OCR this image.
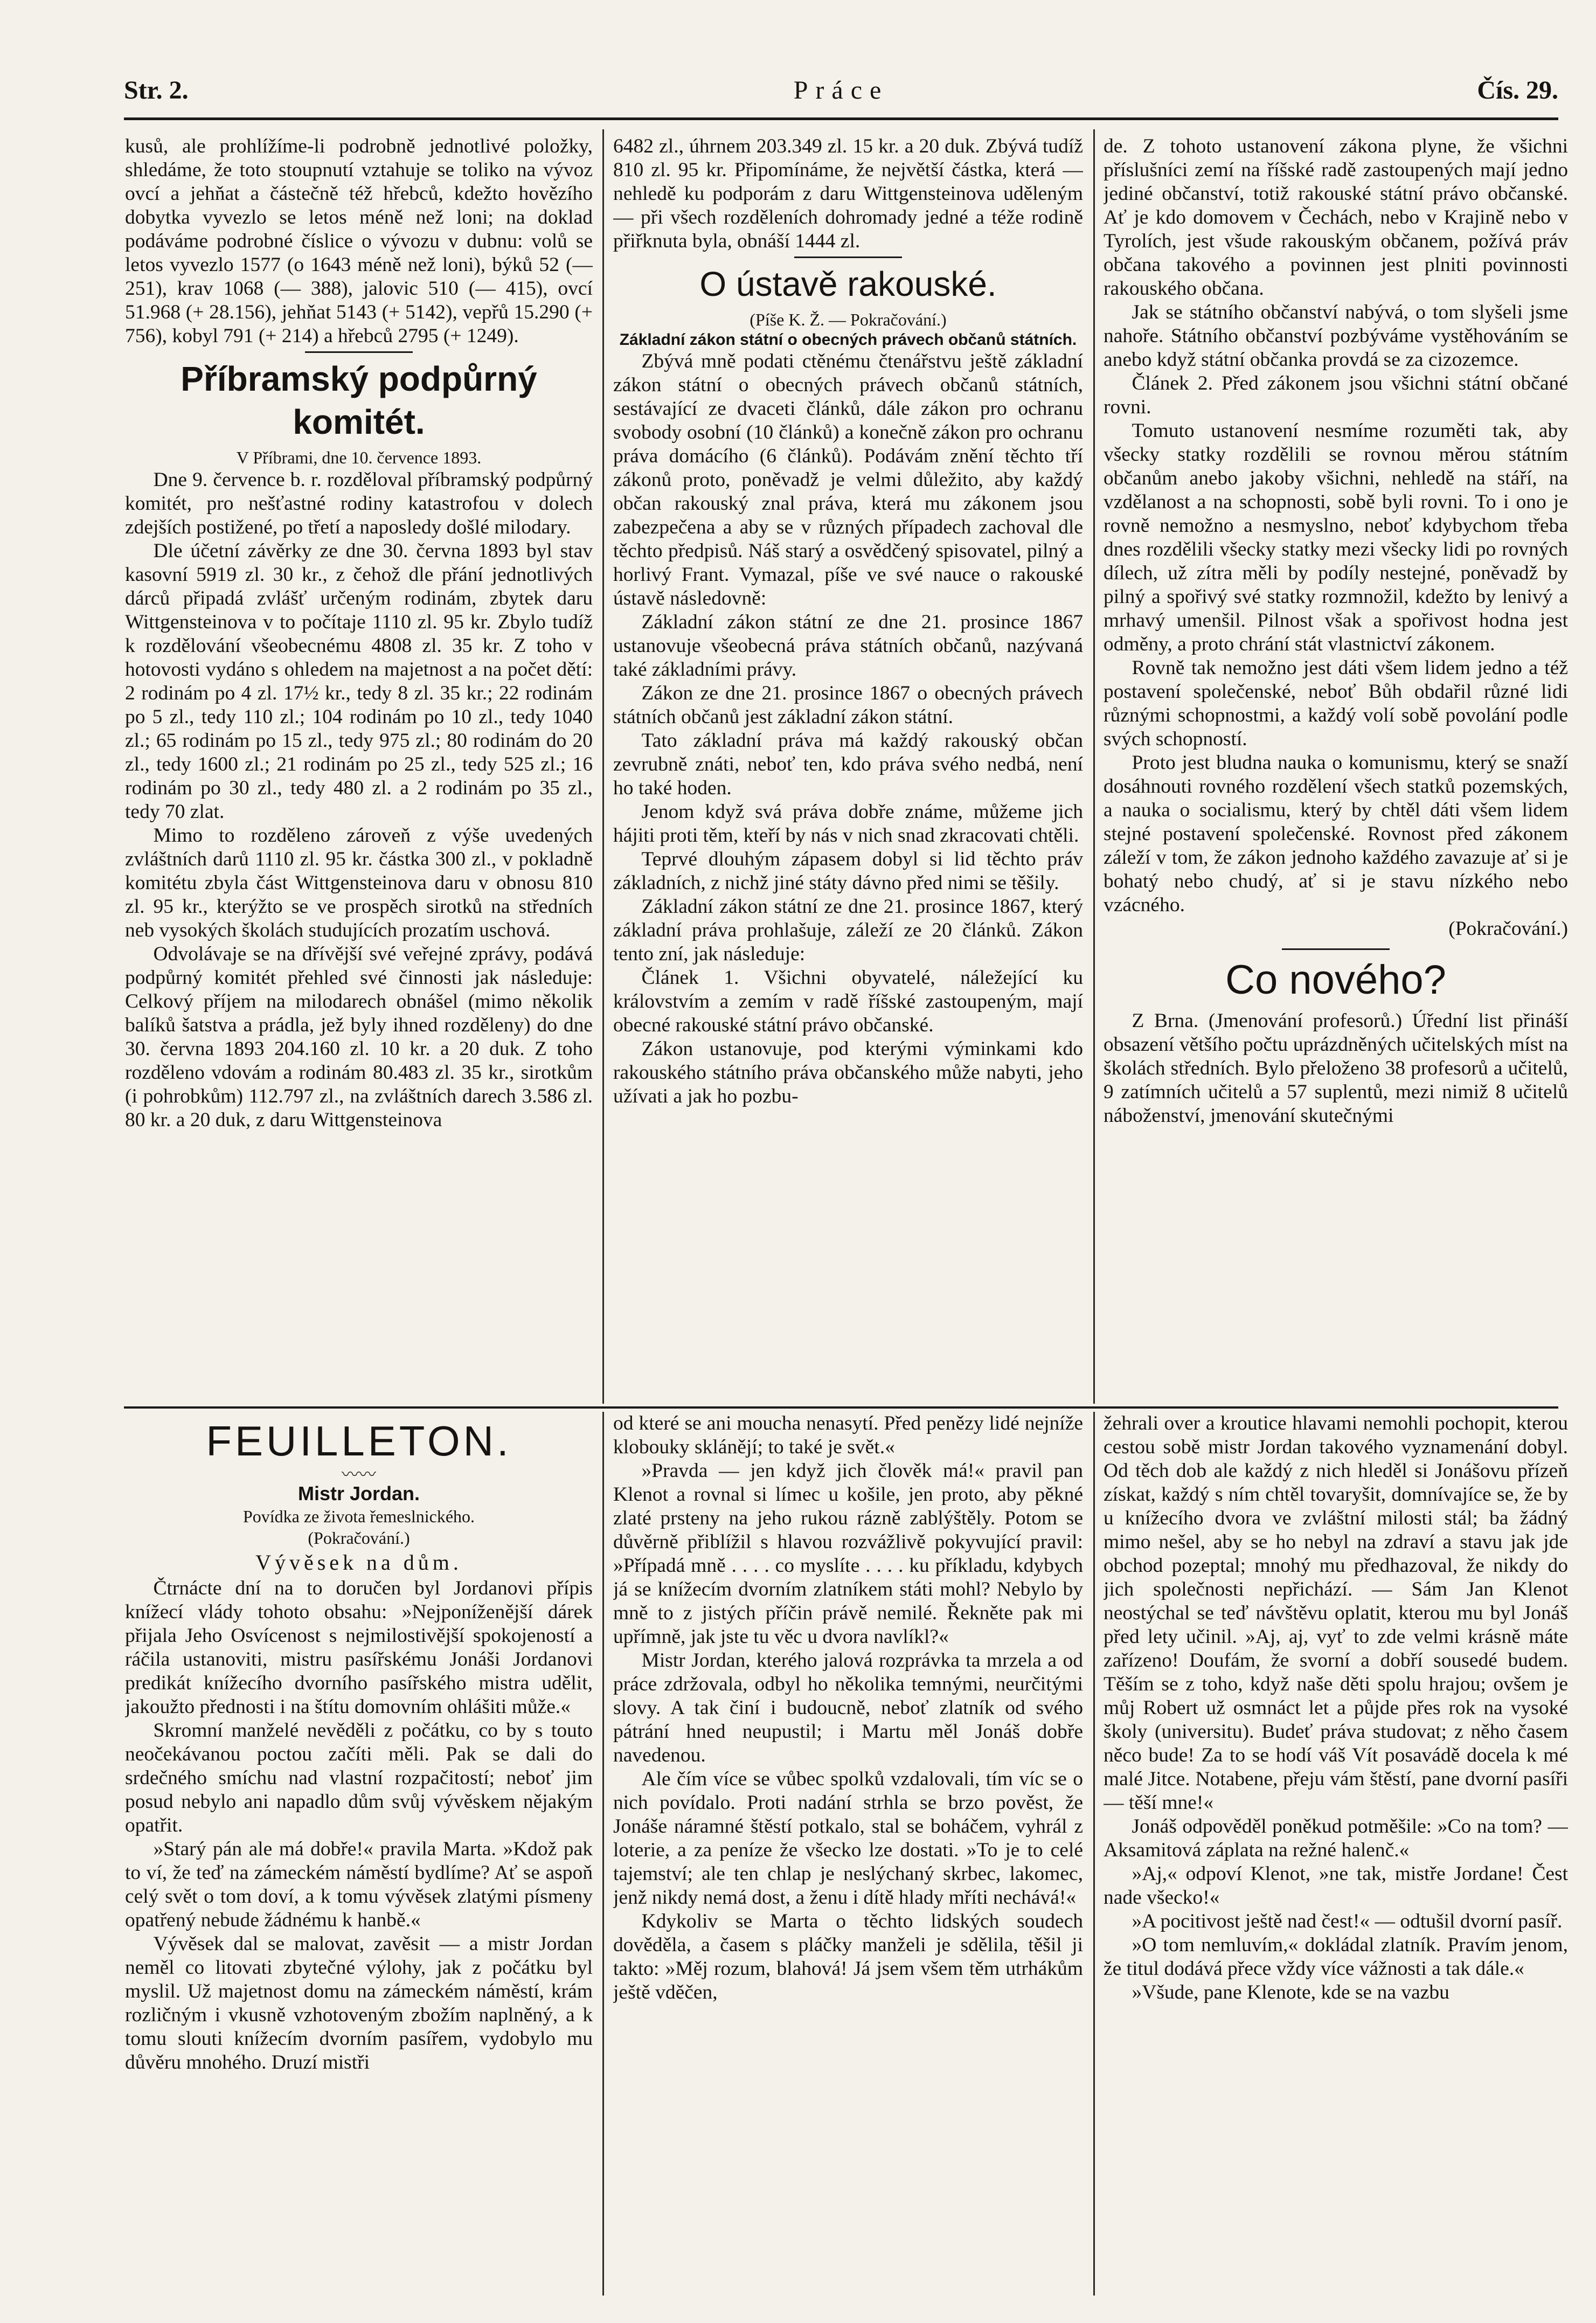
Str. 2.	Práce	Čís. 29.

kusů, ale prohlížíme-li podrobně jednotlivé položky, shledáme, že toto stoupnutí vztahuje se toliko na vývoz ovcí a jehňat a částečně též hřebců, kdežto hovězího dobytka vyvezlo se letos méně než loni; na doklad podáváme podrobné číslice o vývozu v dubnu: volů se letos vyvezlo 1577 (o 1643 méně než loni), býků 52 (— 251), krav 1068 (— 388), jalovic 510 (— 415), ovcí 51.968 (+ 28.156), jehňat 5143 (+ 5142), vepřů 15.290 (+ 756), kobyl 791 (+ 214) a hřebců 2795 (+ 1249).

Příbramský podpůrný komitét.
V Příbrami, dne 10. července 1893.

Dne 9. července b. r. rozděloval příbramský podpůrný komitét, pro nešťastné rodiny katastrofou v dolech zdejších postižené, po třetí a naposledy došlé milodary.

Dle účetní závěrky ze dne 30. června 1893 byl stav kasovní 5919 zl. 30 kr., z čehož dle přání jednotlivých dárců připadá zvlášť určeným rodinám, zbytek daru Wittgensteinova v to počítaje 1110 zl. 95 kr. Zbylo tudíž k rozdělování všeobecnému 4808 zl. 35 kr. Z toho v hotovosti vydáno s ohledem na majetnost a na počet dětí: 2 rodinám po 4 zl. 17½ kr., tedy 8 zl. 35 kr.; 22 rodinám po 5 zl., tedy 110 zl.; 104 rodinám po 10 zl., tedy 1040 zl.; 65 rodinám po 15 zl., tedy 975 zl.; 80 rodinám do 20 zl., tedy 1600 zl.; 21 rodinám po 25 zl., tedy 525 zl.; 16 rodinám po 30 zl., tedy 480 zl. a 2 rodinám po 35 zl., tedy 70 zlat.

Mimo to rozděleno zároveň z výše uvedených zvláštních darů 1110 zl. 95 kr. částka 300 zl., v pokladně komitétu zbyla část Wittgensteinova daru v obnosu 810 zl. 95 kr., kterýžto se ve prospěch sirotků na středních neb vysokých školách studujících prozatím uschová.

Odvolávaje se na dřívější své veřejné zprávy, podává podpůrný komitét přehled své činnosti jak následuje: Celkový příjem na milodarech obnášel (mimo několik balíků šatstva a prádla, jež byly ihned rozděleny) do dne 30. června 1893 204.160 zl. 10 kr. a 20 duk. Z toho rozděleno vdovám a rodinám 80.483 zl. 35 kr., sirotkům (i pohrobkům) 112.797 zl., na zvláštních darech 3.586 zl. 80 kr. a 20 duk, z daru Wittgensteinova

6482 zl., úhrnem 203.349 zl. 15 kr. a 20 duk. Zbývá tudíž 810 zl. 95 kr. Připomínáme, že největší částka, která — nehledě ku podporám z daru Wittgensteinova uděleným — při všech rozděleních dohromady jedné a téže rodině přiřknuta byla, obnáší 1444 zl.

O ústavě rakouské.
(Píše K. Ž. — Pokračování.)
Základní zákon státní o obecných právech občanů státních.

Zbývá mně podati ctěnému čtenářstvu ještě základní zákon státní o obecných právech občanů státních, sestávající ze dvaceti článků, dále zákon pro ochranu svobody osobní (10 článků) a konečně zákon pro ochranu práva domácího (6 článků). Podávám znění těchto tří zákonů proto, poněvadž je velmi důležito, aby každý občan rakouský znal práva, která mu zákonem jsou zabezpečena a aby se v různých případech zachoval dle těchto předpisů. Náš starý a osvědčený spisovatel, pilný a horlivý Frant. Vymazal, píše ve své nauce o rakouské ústavě následovně:

Základní zákon státní ze dne 21. prosince 1867 ustanovuje všeobecná práva státních občanů, nazývaná také základními právy.

Zákon ze dne 21. prosince 1867 o obecných právech státních občanů jest základní zákon státní.

Tato základní práva má každý rakouský občan zevrubně znáti, neboť ten, kdo práva svého nedbá, není ho také hoden.

Jenom když svá práva dobře známe, můžeme jich hájiti proti těm, kteří by nás v nich snad zkracovati chtěli.

Teprvé dlouhým zápasem dobyl si lid těchto práv základních, z nichž jiné státy dávno před nimi se těšily.

Základní zákon státní ze dne 21. prosince 1867, který základní práva prohlašuje, záleží ze 20 článků. Zákon tento zní, jak následuje:

Článek 1. Všichni obyvatelé, náležející ku královstvím a zemím v radě říšské zastoupeným, mají obecné rakouské státní právo občanské.

Zákon ustanovuje, pod kterými výminkami kdo rakouského státního práva občanského může nabyti, jeho užívati a jak ho pozbu-

de. Z tohoto ustanovení zákona plyne, že všichni příslušníci zemí na říšské radě zastoupených mají jedno jediné občanství, totiž rakouské státní právo občanské. Ať je kdo domovem v Čechách, nebo v Krajině nebo v Tyrolích, jest všude rakouským občanem, požívá práv občana takového a povinnen jest plniti povinnosti rakouského občana.

Jak se státního občanství nabývá, o tom slyšeli jsme nahoře. Státního občanství pozbýváme vystěhováním se anebo když státní občanka provdá se za cizozemce.

Článek 2. Před zákonem jsou všichni státní občané rovni.

Tomuto ustanovení nesmíme rozuměti tak, aby všecky statky rozdělili se rovnou měrou státním občanům anebo jakoby všichni, nehledě na stáří, na vzdělanost a na schopnosti, sobě byli rovni. To i ono je rovně nemožno a nesmyslno, neboť kdybychom třeba dnes rozdělili všecky statky mezi všecky lidi po rovných dílech, už zítra měli by podíly nestejné, poněvadž by pilný a spořivý své statky rozmnožil, kdežto by lenivý a mrhavý umenšil. Pilnost však a spořivost hodna jest odměny, a proto chrání stát vlastnictví zákonem.

Rovně tak nemožno jest dáti všem lidem jedno a též postavení společenské, neboť Bůh obdařil různé lidi různými schopnostmi, a každý volí sobě povolání podle svých schopností.

Proto jest bludna nauka o komunismu, který se snaží dosáhnouti rovného rozdělení všech statků pozemských, a nauka o socialismu, který by chtěl dáti všem lidem stejné postavení společenské. Rovnost před zákonem záleží v tom, že zákon jednoho každého zavazuje ať si je bohatý nebo chudý, ať si je stavu nízkého nebo vzácného.

(Pokračování.)
Co nového?

Z Brna. (Jmenování profesorů.) Úřední list přináší obsazení většího počtu uprázdněných učitelských míst na školách středních. Bylo přeloženo 38 profesorů a učitelů, 9 zatímních učitelů a 57 suplentů, mezi nimiž 8 učitelů náboženství, jmenování skutečnými

FEUILLETON.
〰〰
Mistr Jordan.
Povídka ze života řemeslnického.
(Pokračování.)
Vývěsek na dům.

Čtrnácte dní na to doručen byl Jordanovi přípis knížecí vlády tohoto obsahu: »Nejponíženější dárek přijala Jeho Osvícenost s nejmilostivější spokojeností a ráčila ustanoviti, mistru pasířskému Jonáši Jordanovi predikát knížecího dvorního pasířského mistra udělit, jakoužto přednosti i na štítu domovním ohlášiti může.«

Skromní manželé nevěděli z počátku, co by s touto neočekávanou poctou začíti měli. Pak se dali do srdečného smíchu nad vlastní rozpačitostí; neboť jim posud nebylo ani napadlo dům svůj vývěskem nějakým opatřit.

»Starý pán ale má dobře!« pravila Marta. »Kdož pak to ví, že teď na zámeckém náměstí bydlíme? Ať se aspoň celý svět o tom doví, a k tomu vývěsek zlatými písmeny opatřený nebude žádnému k hanbě.«

Vývěsek dal se malovat, zavěsit — a mistr Jordan neměl co litovati zbytečné výlohy, jak z počátku byl myslil. Už majetnost domu na zámeckém náměstí, krám rozličným i vkusně vzhotoveným zbožím naplněný, a k tomu slouti knížecím dvorním pasířem, vydobylo mu důvěru mnohého. Druzí mistři

od které se ani moucha nenasytí. Před penězy lidé nejníže klobouky sklánějí; to také je svět.«

»Pravda — jen když jich člověk má!« pravil pan Klenot a rovnal si límec u košile, jen proto, aby pěkné zlaté prsteny na jeho rukou rázně zablýštěly. Potom se důvěrně přiblížil s hlavou rozvážlivě pokyvující pravil: »Případá mně . . . . co myslíte . . . . ku příkladu, kdybych já se knížecím dvorním zlatníkem státi mohl? Nebylo by mně to z jistých příčin právě nemilé. Řekněte pak mi upřímně, jak jste tu věc u dvora navlíkl?«

Mistr Jordan, kterého jalová rozprávka ta mrzela a od práce zdržovala, odbyl ho několika temnými, neurčitými slovy. A tak činí i budoucně, neboť zlatník od svého pátrání hned neupustil; i Martu měl Jonáš dobře navedenou.

Ale čím více se vůbec spolků vzdalovali, tím víc se o nich povídalo. Proti nadání strhla se brzo pověst, že Jonáše náramné štěstí potkalo, stal se boháčem, vyhrál z loterie, a za peníze že všecko lze dostati. »To je to celé tajemství; ale ten chlap je neslýchaný skrbec, lakomec, jenž nikdy nemá dost, a ženu i dítě hlady mříti nechává!«

Kdykoliv se Marta o těchto lidských soudech dověděla, a časem s pláčky manželi je sdělila, těšil ji takto: »Měj rozum, blahová! Já jsem všem těm utrhákům ještě vděčen,

žehrali over a kroutice hlavami nemohli pochopit, kterou cestou sobě mistr Jordan takového vyznamenání dobyl. Od těch dob ale každý z nich hleděl si Jonášovu přízeň získat, každý s ním chtěl tovaryšit, domnívajíce se, že by u knížecího dvora ve zvláštní milosti stál; ba žádný mimo nešel, aby se ho nebyl na zdraví a stavu jak jde obchod pozeptal; mnohý mu předhazoval, že nikdy do jich společnosti nepřichází. — Sám Jan Klenot neostýchal se teď návštěvu oplatit, kterou mu byl Jonáš před lety učinil. »Aj, aj, vyť to zde velmi krásně máte zařízeno! Doufám, že svorní a dobří sousedé budem. Těším se z toho, když naše děti spolu hrajou; ovšem je můj Robert už osmnáct let a půjde přes rok na vysoké školy (universitu). Budeť práva studovat; z něho časem něco bude! Za to se hodí váš Vít posavádě docela k mé malé Jitce. Notabene, přeju vám štěstí, pane dvorní pasíři — těší mne!«

Jonáš odpověděl poněkud potměšile: »Co na tom? — Aksamitová záplata na režné halenč.«

»Aj,« odpoví Klenot, »ne tak, mistře Jordane! Čest nade všecko!«

»A pocitivost ještě nad čest!« — odtušil dvorní pasíř.

»O tom nemluvím,« dokládal zlatník. Pravím jenom, že titul dodává přece vždy více vážnosti a tak dále.«

»Všude, pane Klenote, kde se na vazbu
